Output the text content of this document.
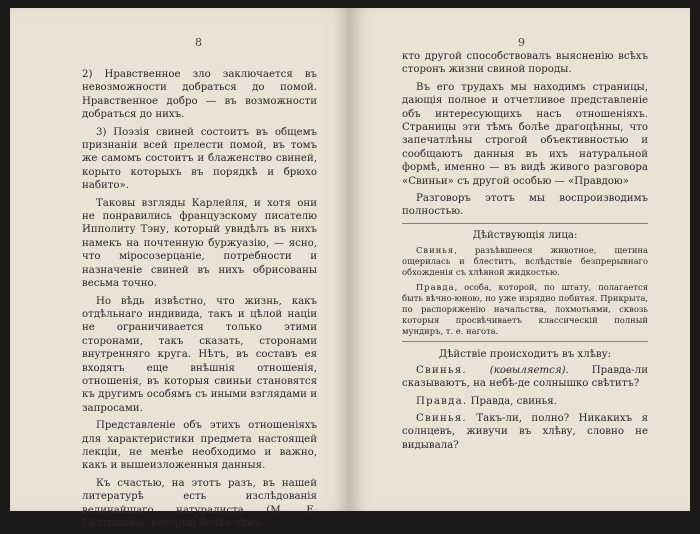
8

2) Нравственное зло заключается въ невозможности добраться до помой. Нравственное добро — въ возможности добраться до нихъ.

3) Поэзія свиней состоитъ въ общемъ признаніи всей прелести помой, въ томъ же самомъ состоитъ и блаженство свиней, корыто которыхъ въ порядкѣ и брюхо набито».

Таковы взгляды Карлейля, и хотя они не понравились французскому писателю Ипполиту Тэну, который увидѣлъ въ нихъ намекъ на почтенную буржуазію, — ясно, что міросозерцаніе, потребности и назначеніе свиней въ нихъ обрисованы весьма точно.

Но вѣдь извѣстно, что жизнь, какъ отдѣльнаго индивида, такъ и цѣлой націи не ограничивается только этими сторонами, такъ сказать, сторонами внутренняго круга. Нѣтъ, въ составъ ея входятъ еще внѣшнія отношенія, отношенія, въ которыя свиньи становятся къ другимъ особямъ съ иными взглядами и запросами.

Представленіе объ этихъ отношеніяхъ для характеристики предмета настоящей лекціи, не менѣе необходимо и важно, какъ и вышеизложенныя данныя.

Къ счастью, на этотъ разъ, въ нашей литературѣ есть изслѣдованія величайшаго натуралиста (М. Е. Салтыкова), который болѣе чѣмъ

9

кто другой способствовалъ выясненію всѣхъ сторонъ жизни свиной породы.

Въ его трудахъ мы находимъ страницы, дающія полное и отчетливое представленіе объ интересующихъ насъ отношеніяхъ. Страницы эти тѣмъ болѣе драгоцѣнны, что запечатлѣны строгой объективностью и сообщаютъ данныя въ ихъ натуральной формѣ, именно — въ видѣ живого разговора «Свиньи» съ другой особью — «Правдою»

Разговоръ этотъ мы воспроизводимъ полностью.

Дѣйствующія лица:

Свинья, разъѣвшееся животное, щетина ощерилась и блеститъ, вслѣдствіе безпрерывнаго обхожденія съ хлѣвной жидкостью.

Правда, особа, которой, по штату, полагается быть вѣчно-юною, но уже изрядно побитая. Прикрыта, по распоряженію начальства, лохмотьями, сквозь которыя просвѣчиваетъ классическій полный мундиръ, т. е. нагота.

Дѣйствіе происходитъ въ хлѣву:

Свинья. (ковыляется). Правда-ли сказываютъ, на небѣ-де солнышко свѣтитъ?

Правда. Правда, свинья.

Свинья. Такъ-ли, полно? Никакихъ я солнцевъ, живучи въ хлѣву, словно не видывала?
